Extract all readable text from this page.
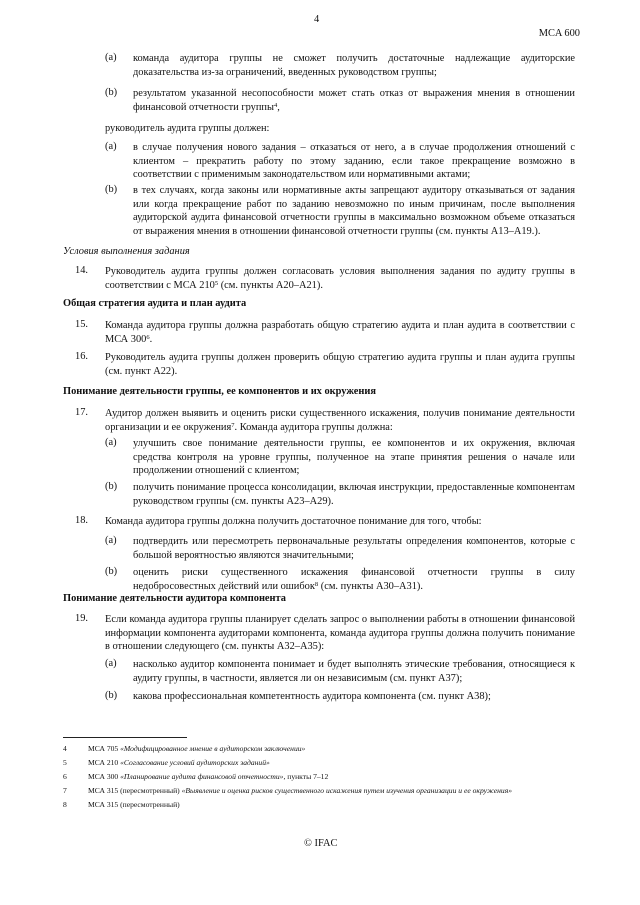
4
MCA 600
(a) команда аудитора группы не сможет получить достаточные надлежащие аудиторские доказательства из-за ограничений, введенных руководством группы;
(b) результатом указанной несопоcобности может стать отказ от выражения мнения в отношении финансовой отчетности группы$^4$,
руководитель аудита группы должен:
(a) в случае получения нового задания – отказаться от него, а в случае продолжения отношений с клиентом – прекратить работу по этому заданию, если такое прекращение возможно в соответствии с применимым законодательством или нормативными актами;
(b) в тех случаях, когда законы или нормативные акты запрещают аудитору отказываться от задания или когда прекращение работ по заданию невозможно по иным причинам, после выполнения аудиторской аудита финансовой отчетности группы в максимально возможном объеме отказаться от выражения мнения в отношении финансовой отчетности группы (см. пункты A13–A19.).
Условия выполнения задания
14. Руководитель аудита группы должен согласовать условия выполнения задания по аудиту группы в соответствии с МСА $210^5$ (см. пункты A20–A21).
Общая стратегия аудита и план аудита
15. Команда аудитора группы должна разработать общую стратегию аудита и план аудита в соответствии с МСА $300^6$.
16. Руководитель аудита группы должен проверить общую стратегию аудита группы и план аудита группы (см. пункт A22).
Понимание деятельности группы, ее компонентов и их окружения
17. Аудитор должен выявить и оценить риски существенного искажения, получив понимание деятельности организации и ее окружения$^7$. Команда аудитора группы должна:
(a) улучшить свое понимание деятельности группы, ее компонентов и их окружения, включая средства контроля на уровне группы, полученное на этапе принятия решения о начале или продолжении отношений с клиентом;
(b) получить понимание процесса консолидации, включая инструкции, предоставленные компонентам руководством группы (см. пункты A23–A29).
18. Команда аудитора группы должна получить достаточное понимание для того, чтобы:
(a) подтвердить или пересмотреть первоначальные результаты определения компонентов, которые с большой вероятностью являются значительными;
(b) оценить риски существенного искажения финансовой отчетности группы в силу недобросовестных действий или ошибок$^8$ (см. пункты A30–A31).
Понимание деятельности аудитора компонента
19. Если команда аудитора группы планирует сделать запрос о выполнении работы в отношении финансовой информации компонента аудиторами компонента, команда аудитора группы должна получить понимание в отношении следующего (см. пункты A32–A35):
(a) насколько аудитор компонента понимает и будет выполнять этические требования, относящиеся к аудиту группы, в частности, является ли он независимым (см. пункт A37);
(b) какова профессиональная компетентность аудитора компонента (см. пункт A38);
4	МСА 705 «Модифицированное мнение в аудиторском заключении»
5	МСА 210 «Согласование условий аудиторских заданий»
6	МСА 300 «Планирование аудита финансовой отчетности», пункты 7–12
7	МСА 315 (пересмотренный) «Выявление и оценка рисков существенного искажения путем изучения организации и ее окружения»
8	МСА 315 (пересмотренный)
© IFAC
